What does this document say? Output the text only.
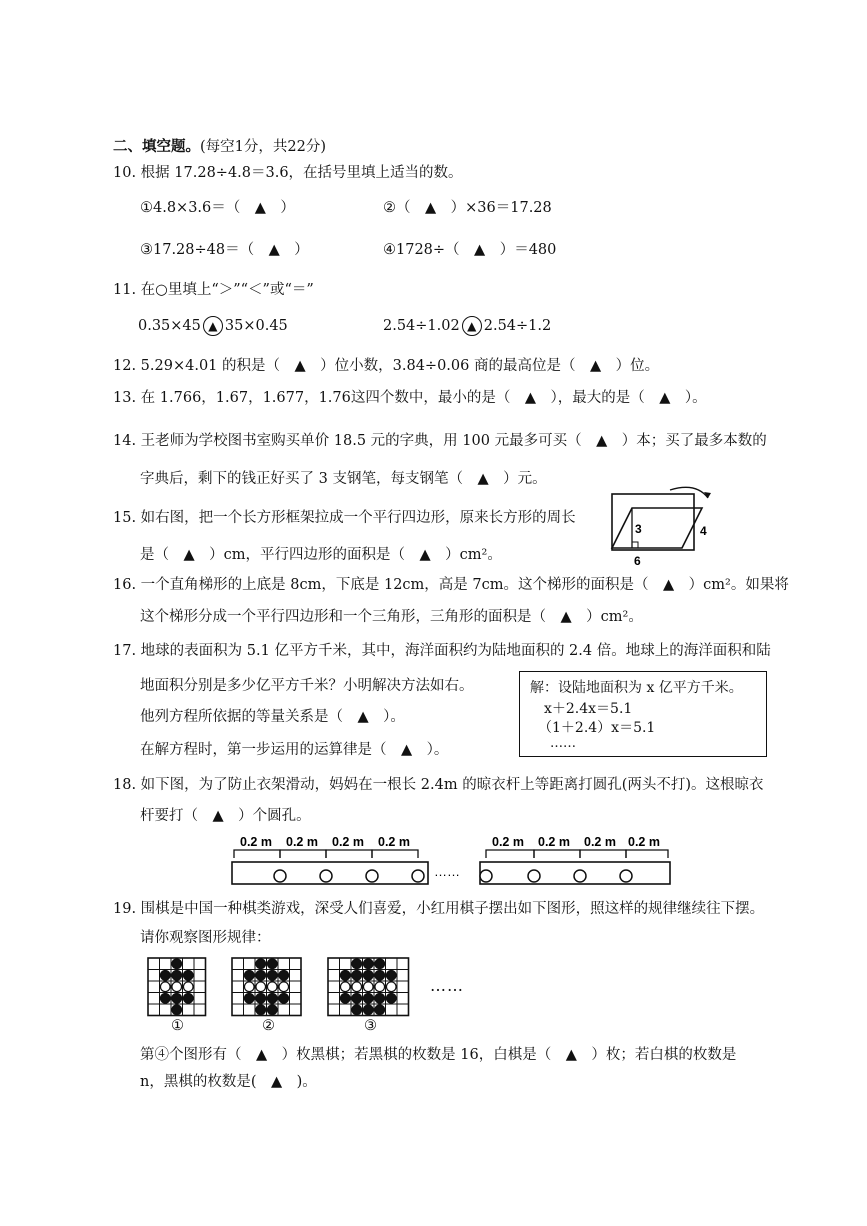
二、填空题。(每空1分，共22分)
10. 根据 17.28÷4.8＝3.6，在括号里填上适当的数。
①4.8×3.6＝（　▲　）	②（　▲　）×36＝17.28
③17.28÷48＝（　▲　）	④1728÷（　▲　）＝480
11. 在○里填上“＞”“＜”或“＝”
0.35×45 ▲ 35×0.45	2.54÷1.02 ▲ 2.54÷1.2
12. 5.29×4.01 的积是（　▲　）位小数，3.84÷0.06 商的最高位是（　▲　）位。
13. 在 1.766，1.67，1.677，1.76这四个数中，最小的是（　▲　），最大的是（　▲　）。
14. 王老师为学校图书室购买单价 18.5 元的字典，用 100 元最多可买（　▲　）本；买了最多本数的
字典后，剩下的钱正好买了 3 支钢笔，每支钢笔（　▲　）元。
15. 如右图，把一个长方形框架拉成一个平行四边形，原来长方形的周长
是（　▲　）cm，平行四边形的面积是（　▲　）cm²。
3	4
6
16. 一个直角梯形的上底是 8cm，下底是 12cm，高是 7cm。这个梯形的面积是（　▲　）cm²。如果将
这个梯形分成一个平行四边形和一个三角形，三角形的面积是（　▲　）cm²。
17. 地球的表面积为 5.1 亿平方千米，其中，海洋面积约为陆地面积的 2.4 倍。地球上的海洋面积和陆
地面积分别是多少亿平方千米？小明解决方法如右。
他列方程所依据的等量关系是（　▲　）。
在解方程时，第一步运用的运算律是（　▲　）。
解：设陆地面积为 x 亿平方千米。
x＋2.4x＝5.1
（1＋2.4）x＝5.1
……
18. 如下图，为了防止衣架滑动，妈妈在一根长 2.4m 的晾衣杆上等距离打圆孔(两头不打)。这根晾衣
杆要打（　▲　）个圆孔。
0.2 m 0.2 m 0.2 m 0.2 m	0.2 m 0.2 m 0.2 m 0.2 m
……
19. 围棋是中国一种棋类游戏，深受人们喜爱，小红用棋子摆出如下图形，照这样的规律继续往下摆。
请你观察图形规律：
①	②	③
……
第④个图形有（　▲　）枚黑棋；若黑棋的枚数是 16，白棋是（　▲　）枚；若白棋的枚数是
n，黑棋的枚数是(　▲　)。
